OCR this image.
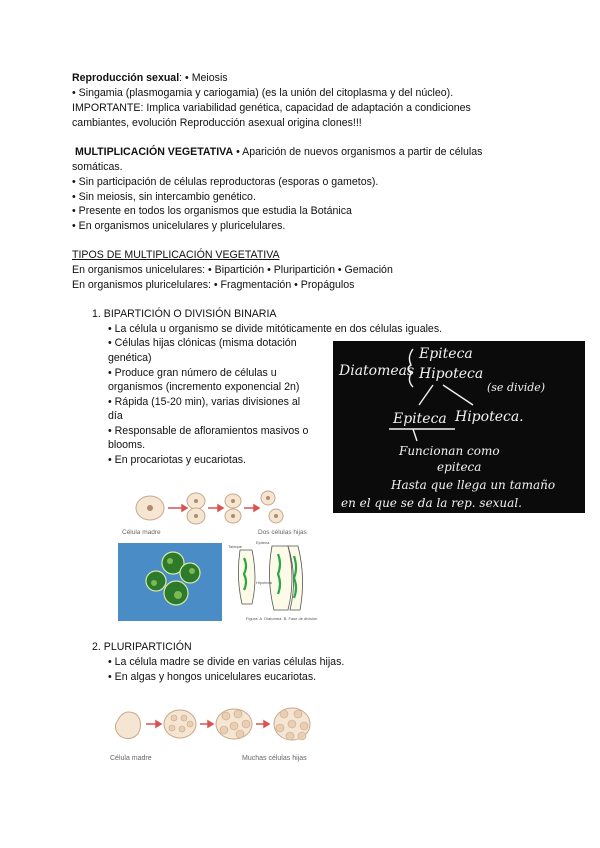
Reproducción sexual: • Meiosis
• Singamia (plasmogamia y cariogamia) (es la unión del citoplasma y del núcleo).
IMPORTANTE: Implica variabilidad genética, capacidad de adaptación a condiciones
cambiantes, evolución Reproducción asexual origina clones!!!
MULTIPLICACIÓN VEGETATIVA • Aparición de nuevos organismos a partir de células
somáticas.
• Sin participación de células reproductoras (esporas o gametos).
• Sin meiosis, sin intercambio genético.
• Presente en todos los organismos que estudia la Botánica
• En organismos unicelulares y pluricelulares.
TIPOS DE MULTIPLICACIÓN VEGETATIVA
En organismos unicelulares: • Bipartición • Pluripartición • Gemación
En organismos pluricelulares: • Fragmentación • Propágulos
1. BIPARTICIÓN O DIVISIÓN BINARIA
• La célula u organismo se divide mitóticamente en dos células iguales.
• Células hijas clónicas (misma dotación
genética)
• Produce gran número de células u
organismos (incremento exponencial 2n)
• Rápida (15-20 min), varias divisiones al
día
• Responsable de afloramientos masivos o
blooms.
• En procariotas y eucariotas.
Epiteca
Diatomeas Hipoteca
(se divide)
Epiteca Hipoteca.
Funcionan como
epiteca
Hasta que llega un tamaño
en el que se da la rep. sexual.
Célula madre	Dos células hijas
Tabique
Epiteca
Hipoteca
Figura: A. Diatomea. B. Fase de división
2. PLURIPARTICIÓN
• La célula madre se divide en varias células hijas.
• En algas y hongos unicelulares eucariotas.
Célula madre	Muchas células hijas
